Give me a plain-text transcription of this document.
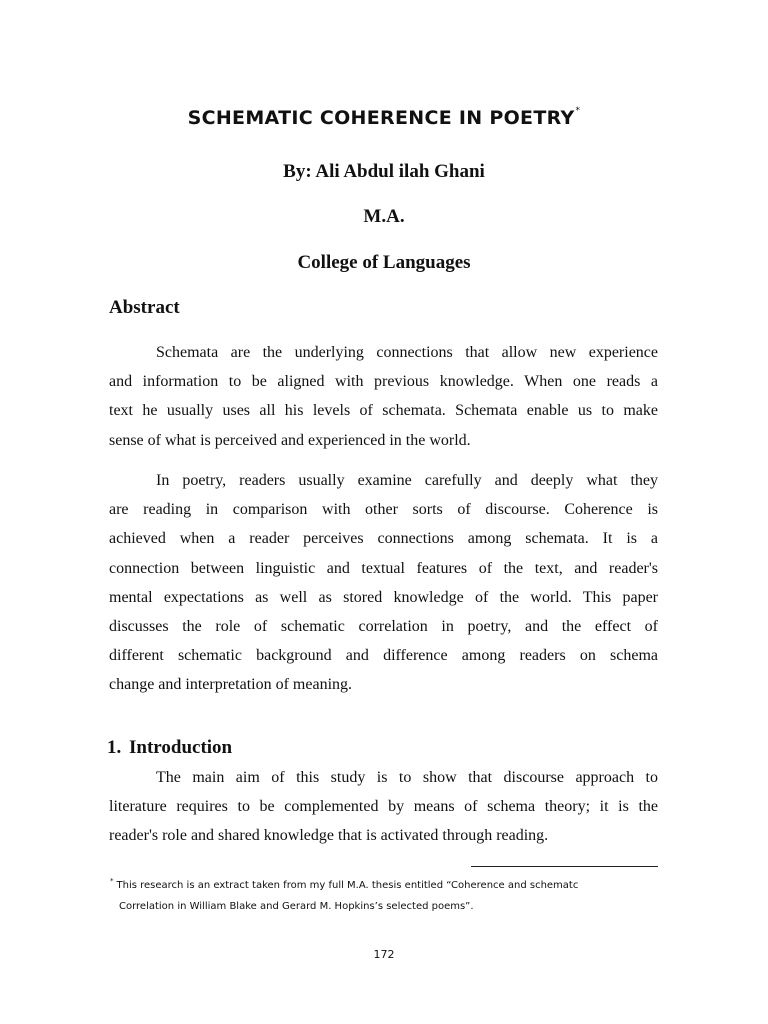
SCHEMATIC COHERENCE IN POETRY*
By: Ali Abdul ilah Ghani
M.A.
College of Languages
Abstract
Schemata are the underlying connections that allow new experience
and information to be aligned with previous knowledge. When one reads a
text he usually uses all his levels of schemata. Schemata enable us to make
sense of what is perceived and experienced in the world.
In poetry, readers usually examine carefully and deeply what they
are reading in comparison with other sorts of discourse. Coherence is
achieved when a reader perceives connections among schemata. It is a
connection between linguistic and textual features of the text, and reader's
mental expectations as well as stored knowledge of the world. This paper
discusses the role of schematic correlation in poetry, and the effect of
different schematic background and difference among readers on schema
change and interpretation of meaning.
1. Introduction
The main aim of this study is to show that discourse approach to
literature requires to be complemented by means of schema theory; it is the
reader's role and shared knowledge that is activated through reading.
* This research is an extract taken from my full M.A. thesis entitled “Coherence and schematc
Correlation in William Blake and Gerard M. Hopkins’s selected poems”.
172
